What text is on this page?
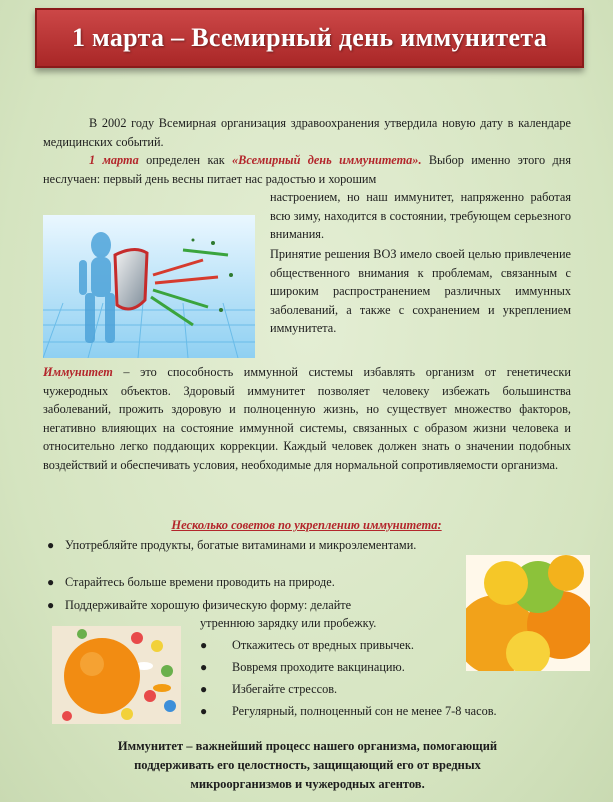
1 марта – Всемирный день иммунитета

В 2002 году Всемирная организация здравоохранения утвердила новую дату в календаре медицинских событий.

1 марта определен как «Всемирный день иммунитета». Выбор именно этого дня неслучаен: первый день весны питает нас радостью и хорошим

настроением, но наш иммунитет, напряженно работая всю зиму, находится в состоянии, требующем серьезного внимания.

Принятие решения ВОЗ имело своей целью привлечение общественного внимания к проблемам, связанным с широким распространением различных иммунных заболеваний, а также с сохранением и укреплением иммунитета.

Иммунитет – это способность иммунной системы избавлять организм от генетически чужеродных объектов. Здоровый иммунитет позволяет человеку избежать большинства заболеваний, прожить здоровую и полноценную жизнь, но существует множество факторов, негативно влияющих на состояние иммунной системы, связанных с образом жизни человека и относительно легко поддающих коррекции. Каждый человек должен знать о значении подобных воздействий и обеспечивать условия, необходимые для нормальной сопротивляемости организма.

Несколько советов по укреплению иммунитета:
● Употребляйте продукты, богатые витаминами и микроэлементами.

● Старайтесь больше времени проводить на природе.

● Поддерживайте хорошую физическую форму: делайте

утреннюю зарядку или пробежку.

● Откажитесь от вредных привычек.

● Вовремя проходите вакцинацию.

● Избегайте стрессов.

● Регулярный, полноценный сон не менее 7-8 часов.

Иммунитет – важнейший процесс нашего организма, помогающий поддерживать его целостность, защищающий его от вредных микроорганизмов и чужеродных агентов.
